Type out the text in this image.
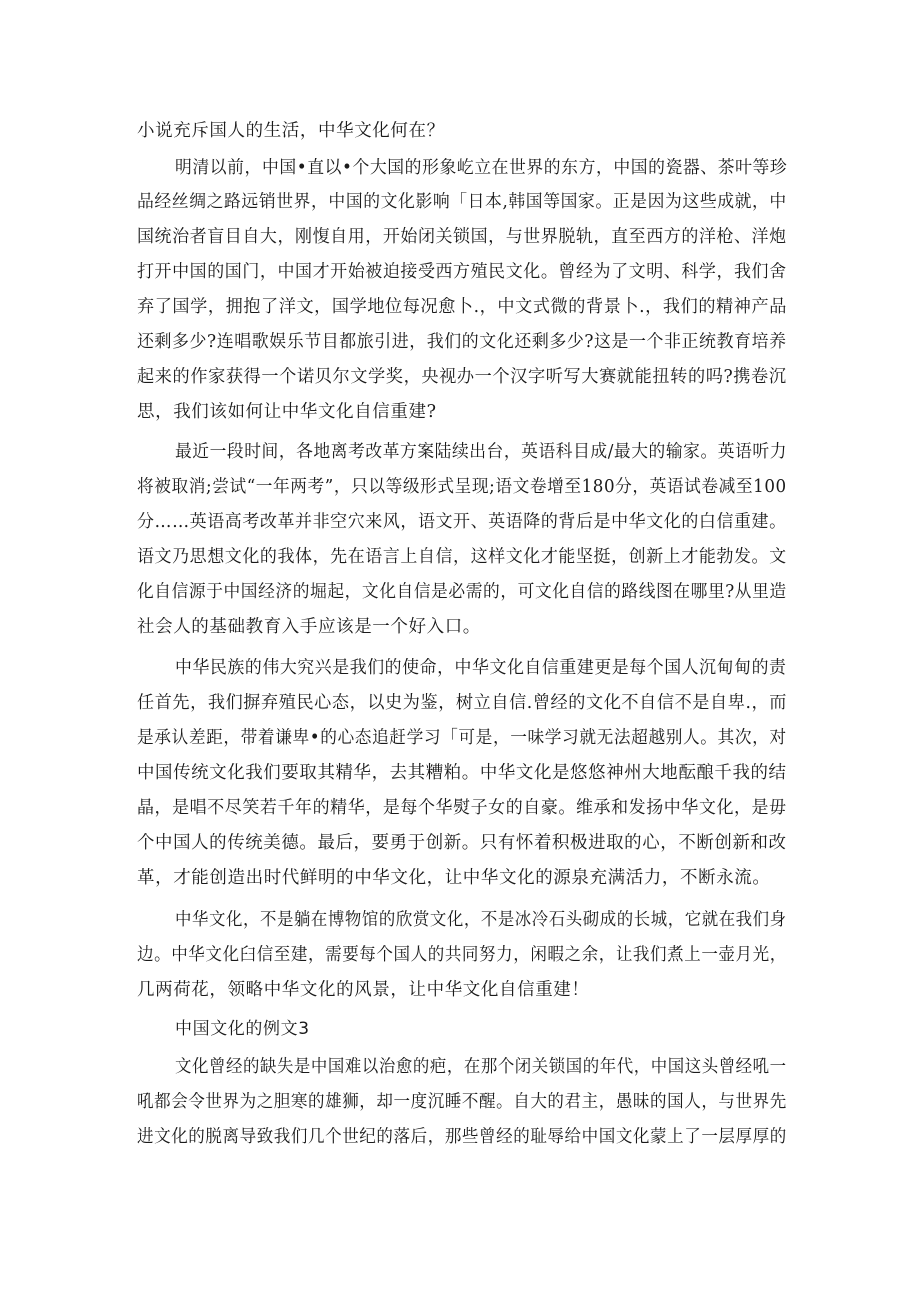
小说充斥国人的生活，中华文化何在？
明清以前，中国•直以•个大国的形象屹立在世界的东方，中国的瓷器、茶叶等珍
品经丝绸之路远销世界，中国的文化影响「日本,韩国等国家。正是因为这些成就，中
国统治者盲目自大，刚愎自用，开始闭关锁国，与世界脱轨，直至西方的洋枪、洋炮
打开中国的国门，中国才开始被迫接受西方殖民文化。曾经为了文明、科学，我们舍
弃了国学，拥抱了洋文，国学地位每况愈卜.，中文式微的背景卜.，我们的精神产品
还剩多少?连唱歌娱乐节目都旅引进，我们的文化还剩多少?这是一个非正统教育培养
起来的作家获得一个诺贝尔文学奖，央视办一个汉字听写大赛就能扭转的吗?携卷沉
思，我们该如何让中华文化自信重建?
最近一段时间，各地离考改革方案陆续出台，英语科目成/最大的输家。英语听力
将被取消;尝试“一年两考”，只以等级形式呈现;语文卷增至180分，英语试卷减至100
分……英语高考改革并非空穴来风，语文开、英语降的背后是中华文化的白信重建。
语文乃思想文化的我体，先在语言上自信，这样文化才能坚挺，创新上才能勃发。文
化自信源于中国经济的堀起，文化自信是必需的，可文化自信的路线图在哪里?从里造
社会人的基础教育入手应该是一个好入口。
中华民族的伟大究兴是我们的使命，中华文化自信重建更是每个国人沉甸甸的责
任首先，我们摒弃殖民心态，以史为鉴，树立自信.曾经的文化不自信不是自卑.，而
是承认差距，带着谦卑•的心态追赶学习「可是，一味学习就无法超越别人。其次，对
中国传统文化我们要取其精华，去其糟粕。中华文化是悠悠神州大地酝酿千我的结
晶，是唱不尽笑若千年的精华，是每个华熨子女的自豪。维承和发扬中华文化，是毋
个中国人的传统美德。最后，要勇于创新。只有怀着积极进取的心，不断创新和改
革，才能创造出时代鲜明的中华文化，让中华文化的源泉充满活力，不断永流。
中华文化，不是躺在博物馆的欣赏文化，不是冰冷石头砌成的长城，它就在我们身
边。中华文化臼信至建，需要每个国人的共同努力，闲暇之余，让我们煮上一壶月光，
几两荷花，领略中华文化的风景，让中华文化自信重建！
中国文化的例文3
文化曾经的缺失是中国难以治愈的疤，在那个闭关锁国的年代，中国这头曾经吼一
吼都会令世界为之胆寒的雄狮，却一度沉睡不醒。自大的君主，愚昧的国人，与世界先
进文化的脱离导致我们几个世纪的落后，那些曾经的耻辱给中国文化蒙上了一层厚厚的
